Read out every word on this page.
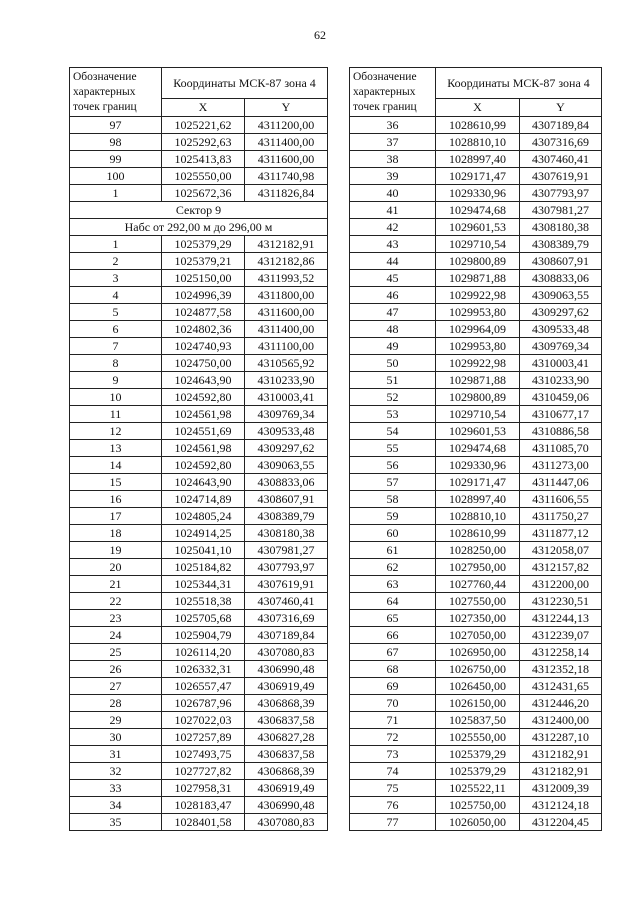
62
Обозначение характерных точек границ	Координаты МСК-87 зона 4	
	X	Y
97	1025221,62	4311200,00
98	1025292,63	4311400,00
99	1025413,83	4311600,00
100	1025550,00	4311740,98
1	1025672,36	4311826,84
Сектор 9		
Набс от 292,00 м до 296,00 м		
1	1025379,29	4312182,91
2	1025379,21	4312182,86
3	1025150,00	4311993,52
4	1024996,39	4311800,00
5	1024877,58	4311600,00
6	1024802,36	4311400,00
7	1024740,93	4311100,00
8	1024750,00	4310565,92
9	1024643,90	4310233,90
10	1024592,80	4310003,41
11	1024561,98	4309769,34
12	1024551,69	4309533,48
13	1024561,98	4309297,62
14	1024592,80	4309063,55
15	1024643,90	4308833,06
16	1024714,89	4308607,91
17	1024805,24	4308389,79
18	1024914,25	4308180,38
19	1025041,10	4307981,27
20	1025184,82	4307793,97
21	1025344,31	4307619,91
22	1025518,38	4307460,41
23	1025705,68	4307316,69
24	1025904,79	4307189,84
25	1026114,20	4307080,83
26	1026332,31	4306990,48
27	1026557,47	4306919,49
28	1026787,96	4306868,39
29	1027022,03	4306837,58
30	1027257,89	4306827,28
31	1027493,75	4306837,58
32	1027727,82	4306868,39
33	1027958,31	4306919,49
34	1028183,47	4306990,48
35	1028401,58	4307080,83
Обозначение характерных точек границ	Координаты МСК-87 зона 4	
	X	Y
36	1028610,99	4307189,84
37	1028810,10	4307316,69
38	1028997,40	4307460,41
39	1029171,47	4307619,91
40	1029330,96	4307793,97
41	1029474,68	4307981,27
42	1029601,53	4308180,38
43	1029710,54	4308389,79
44	1029800,89	4308607,91
45	1029871,88	4308833,06
46	1029922,98	4309063,55
47	1029953,80	4309297,62
48	1029964,09	4309533,48
49	1029953,80	4309769,34
50	1029922,98	4310003,41
51	1029871,88	4310233,90
52	1029800,89	4310459,06
53	1029710,54	4310677,17
54	1029601,53	4310886,58
55	1029474,68	4311085,70
56	1029330,96	4311273,00
57	1029171,47	4311447,06
58	1028997,40	4311606,55
59	1028810,10	4311750,27
60	1028610,99	4311877,12
61	1028250,00	4312058,07
62	1027950,00	4312157,82
63	1027760,44	4312200,00
64	1027550,00	4312230,51
65	1027350,00	4312244,13
66	1027050,00	4312239,07
67	1026950,00	4312258,14
68	1026750,00	4312352,18
69	1026450,00	4312431,65
70	1026150,00	4312446,20
71	1025837,50	4312400,00
72	1025550,00	4312287,10
73	1025379,29	4312182,91
74	1025379,29	4312182,91
75	1025522,11	4312009,39
76	1025750,00	4312124,18
77	1026050,00	4312204,45
